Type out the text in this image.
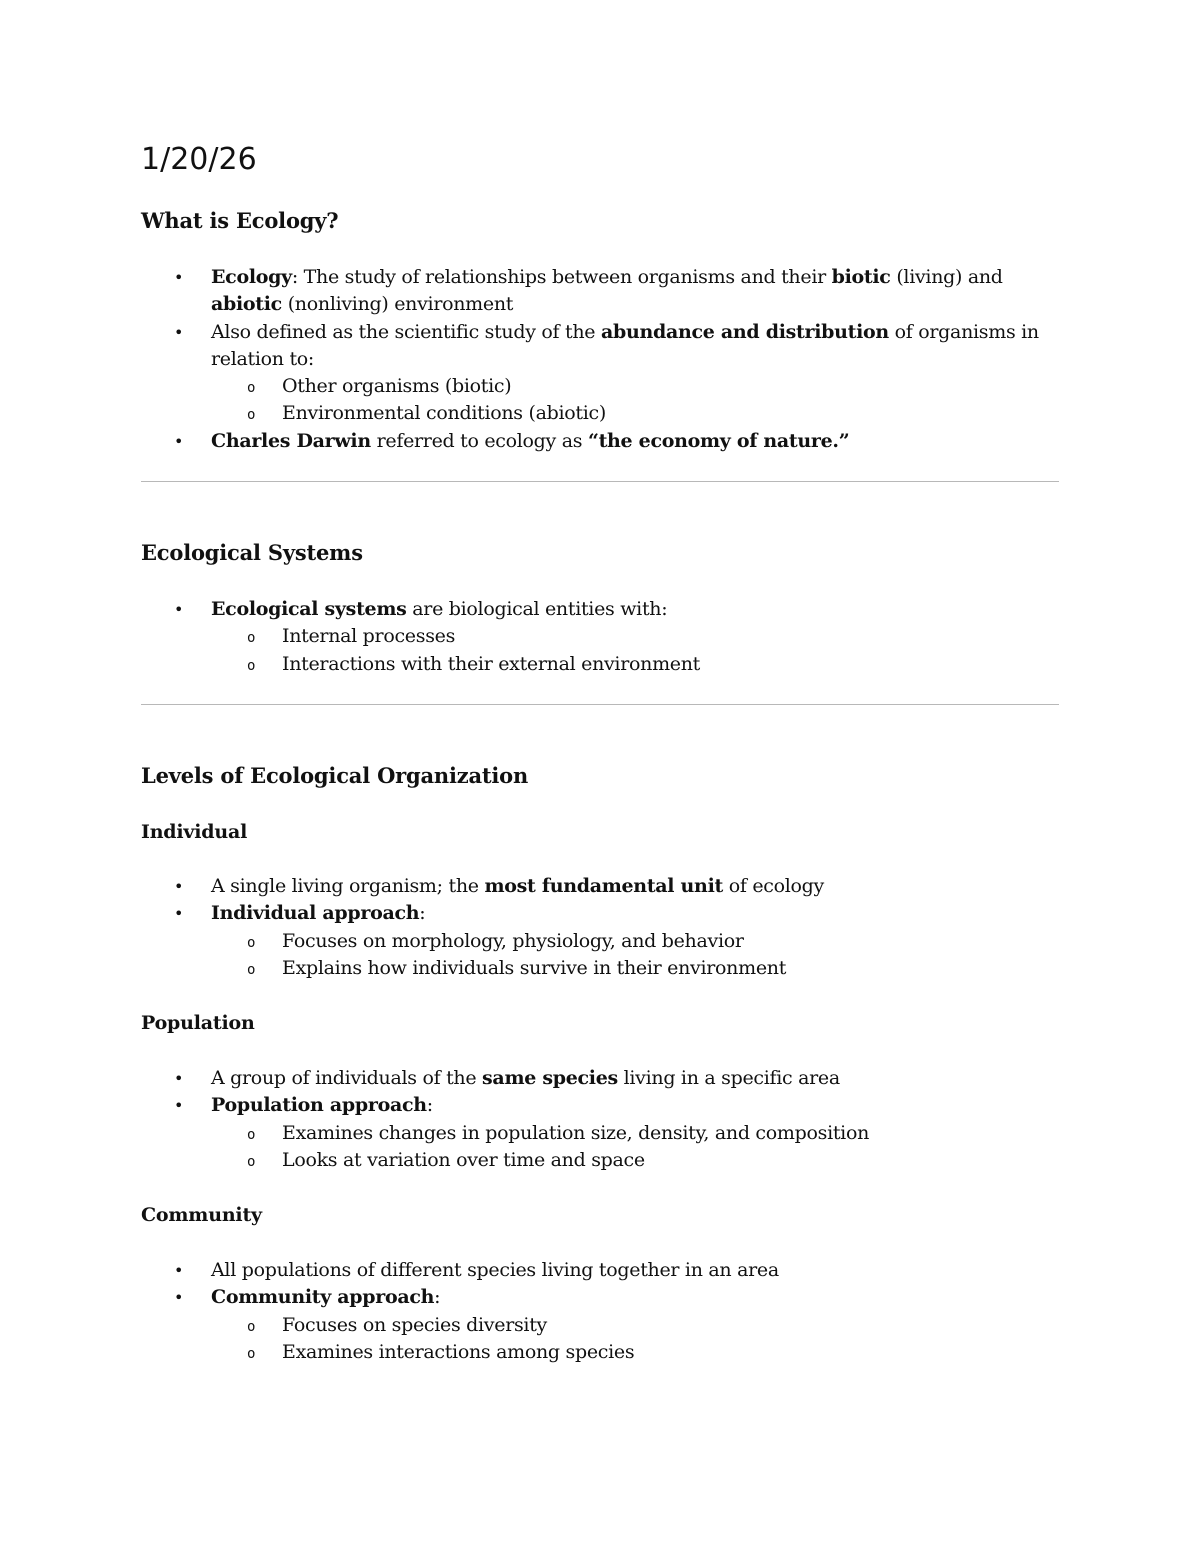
1/20/26

What is Ecology?
• Ecology: The study of relationships between organisms and their biotic (living) and abiotic (nonliving) environment
• Also defined as the scientific study of the abundance and distribution of organisms in relation to:
o Other organisms (biotic)
o Environmental conditions (abiotic)
• Charles Darwin referred to ecology as “the economy of nature.”
Ecological Systems
• Ecological systems are biological entities with:
o Internal processes
o Interactions with their external environment
Levels of Ecological Organization
Individual
• A single living organism; the most fundamental unit of ecology
• Individual approach:
o Focuses on morphology, physiology, and behavior
o Explains how individuals survive in their environment
Population
• A group of individuals of the same species living in a specific area
• Population approach:
o Examines changes in population size, density, and composition
o Looks at variation over time and space
Community
• All populations of different species living together in an area
• Community approach:
o Focuses on species diversity
o Examines interactions among species
